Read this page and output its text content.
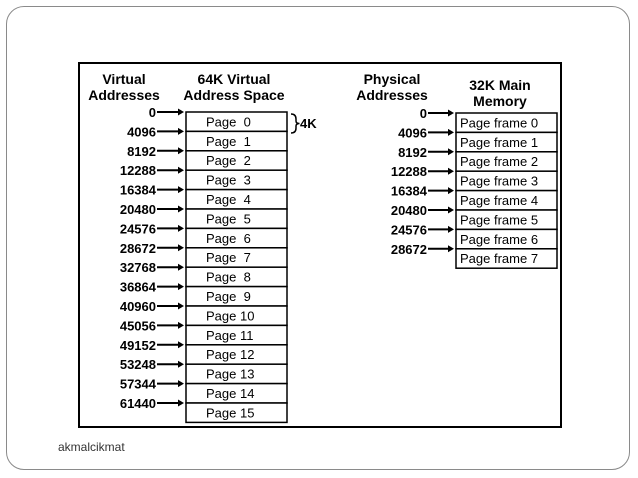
Virtual
Addresses
64K Virtual
Address Space
Physical
Addresses
32K Main
Memory
4K
Page  0
Page  1
Page  2
Page  3
Page  4
Page  5
Page  6
Page  7
Page  8
Page  9
Page 10
Page 11
Page 12
Page 13
Page 14
Page 15
0
4096
8192
12288
16384
20480
24576
28672
32768
36864
40960
45056
49152
53248
57344
61440
Page frame 0
Page frame 1
Page frame 2
Page frame 3
Page frame 4
Page frame 5
Page frame 6
Page frame 7
0
4096
8192
12288
16384
20480
24576
28672
akmalcikmat
